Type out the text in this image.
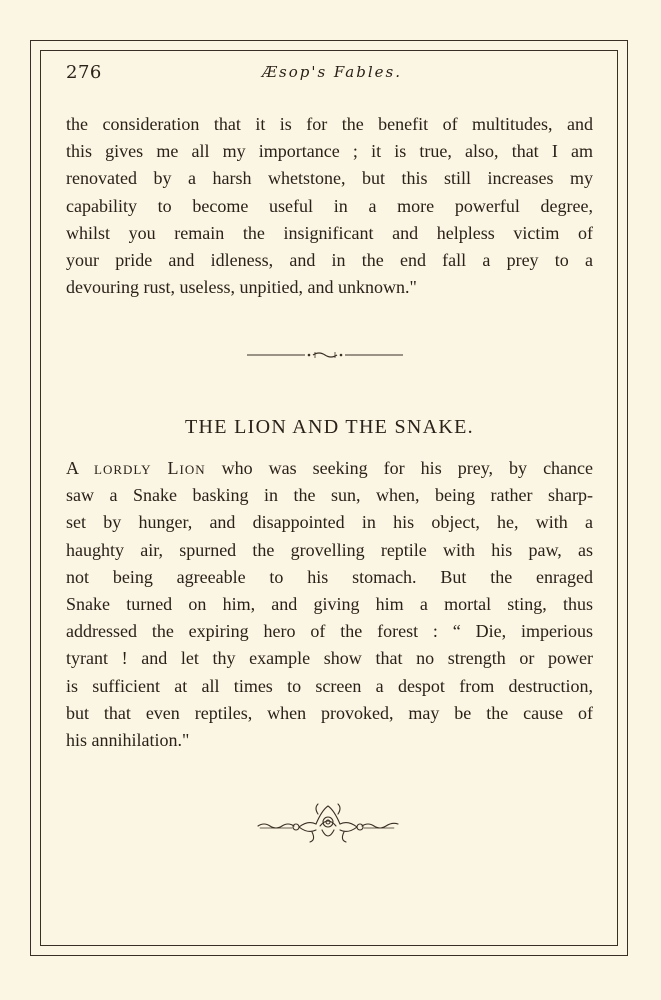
276	Æsop's Fables.
the consideration that it is for the benefit of multitudes, and
this gives me all my importance ; it is true, also, that I am
renovated by a harsh whetstone, but this still increases my
capability to become useful in a more powerful degree,
whilst you remain the insignificant and helpless victim of
your pride and idleness, and in the end fall a prey to a
devouring rust, useless, unpitied, and unknown."
THE LION AND THE SNAKE.
A lordly Lion who was seeking for his prey, by chance
saw a Snake basking in the sun, when, being rather sharp-
set by hunger, and disappointed in his object, he, with a
haughty air, spurned the grovelling reptile with his paw, as
not being agreeable to his stomach. But the enraged
Snake turned on him, and giving him a mortal sting, thus
addressed the expiring hero of the forest : “ Die, imperious
tyrant ! and let thy example show that no strength or power
is sufficient at all times to screen a despot from destruction,
but that even reptiles, when provoked, may be the cause of
his annihilation."
